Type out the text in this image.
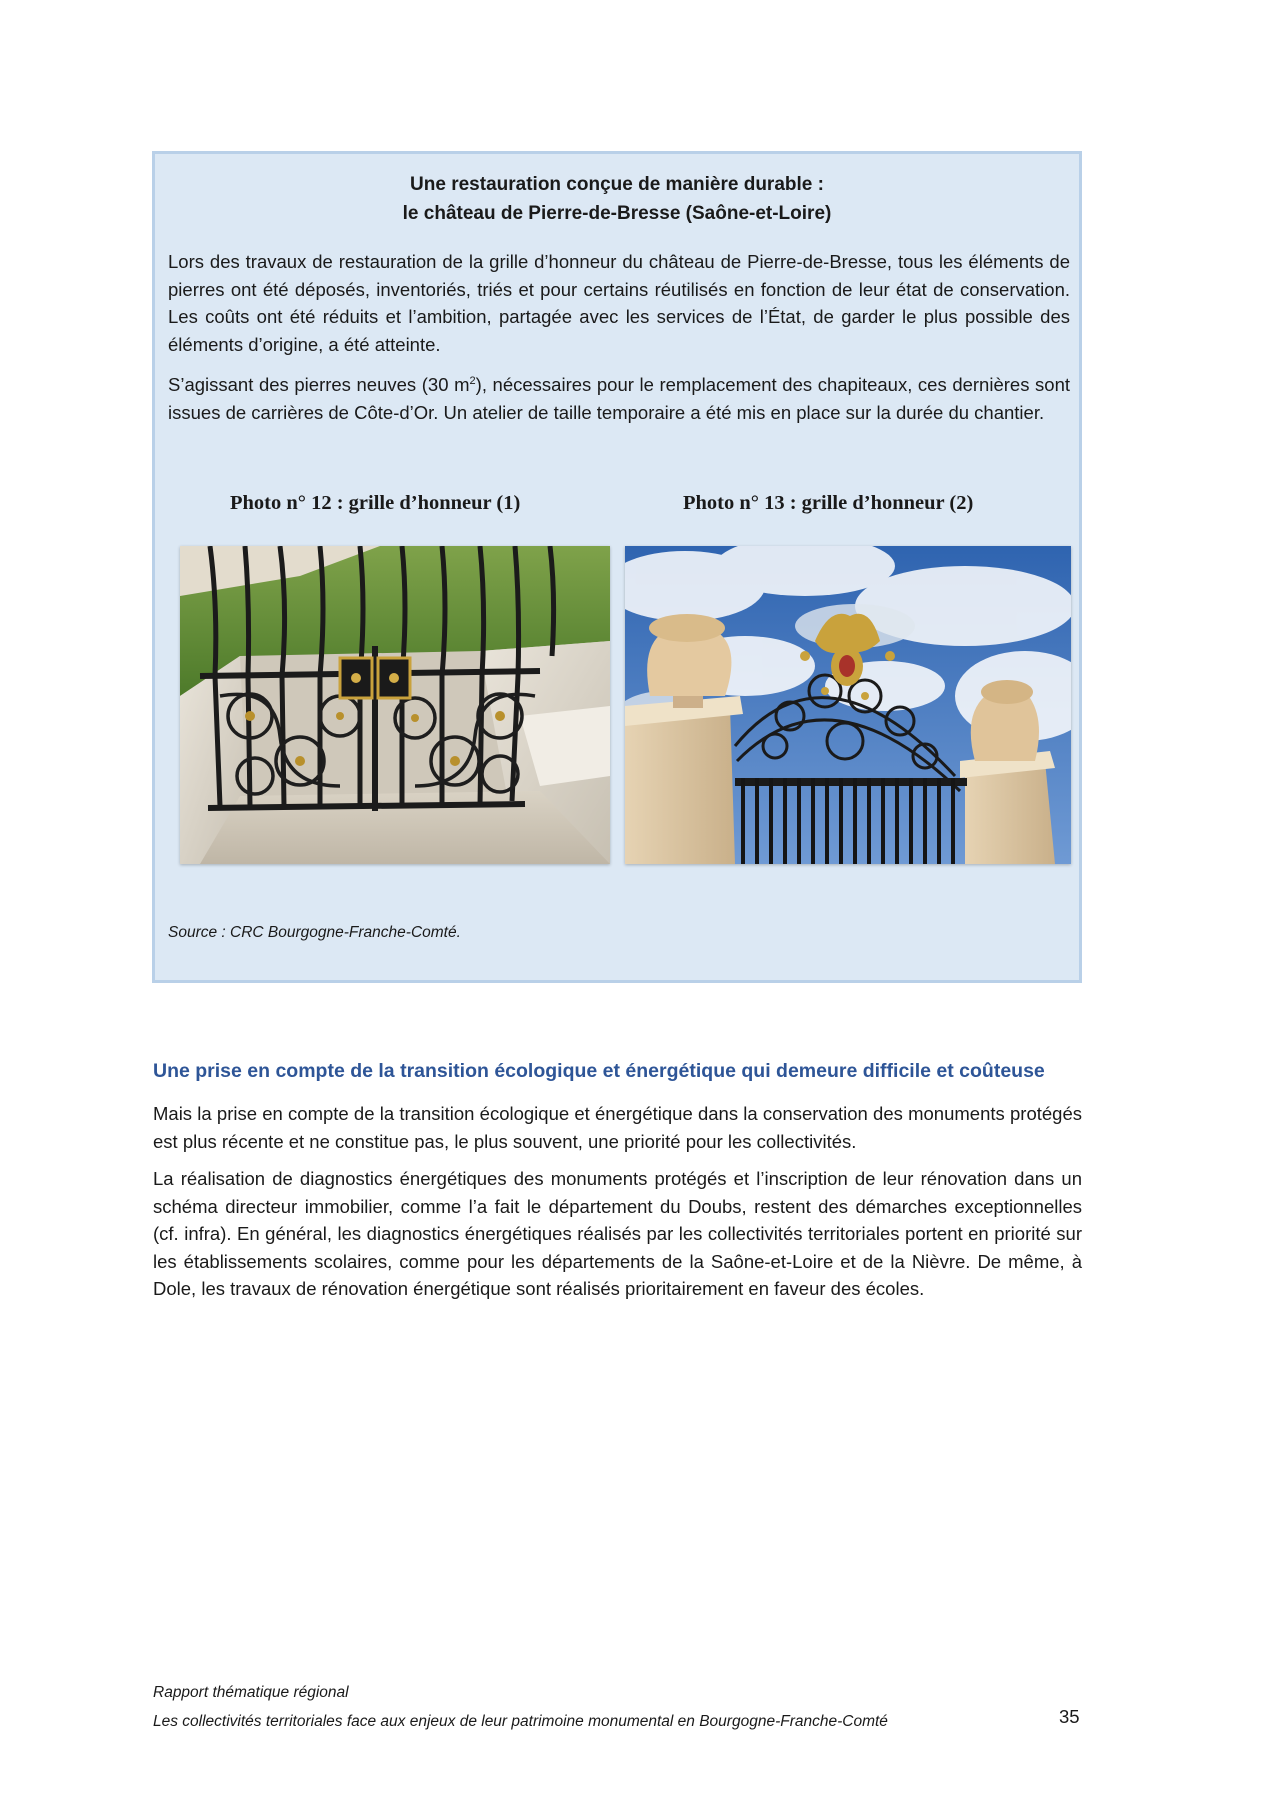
Une restauration conçue de manière durable :
le château de Pierre-de-Bresse (Saône-et-Loire)

Lors des travaux de restauration de la grille d’honneur du château de Pierre-de-Bresse, tous les éléments de pierres ont été déposés, inventoriés, triés et pour certains réutilisés en fonction de leur état de conservation. Les coûts ont été réduits et l’ambition, partagée avec les services de l’État, de garder le plus possible des éléments d’origine, a été atteinte.

S’agissant des pierres neuves (30 $m^2$), nécessaires pour le remplacement des chapiteaux, ces dernières sont issues de carrières de Côte-d’Or. Un atelier de taille temporaire a été mis en place sur la durée du chantier.

Photo n° 12 : grille d’honneur (1)	Photo n° 13 : grille d’honneur (2)
Source : CRC Bourgogne-Franche-Comté.
Une prise en compte de la transition écologique et énergétique qui demeure difficile et coûteuse

Mais la prise en compte de la transition écologique et énergétique dans la conservation des monuments protégés est plus récente et ne constitue pas, le plus souvent, une priorité pour les collectivités.

La réalisation de diagnostics énergétiques des monuments protégés et l’inscription de leur rénovation dans un schéma directeur immobilier, comme l’a fait le département du Doubs, restent des démarches exceptionnelles (cf. infra). En général, les diagnostics énergétiques réalisés par les collectivités territoriales portent en priorité sur les établissements scolaires, comme pour les départements de la Saône-et-Loire et de la Nièvre. De même, à Dole, les travaux de rénovation énergétique sont réalisés prioritairement en faveur des écoles.

Rapport thématique régional
Les collectivités territoriales face aux enjeux de leur patrimoine monumental en Bourgogne-Franche-Comté	35
